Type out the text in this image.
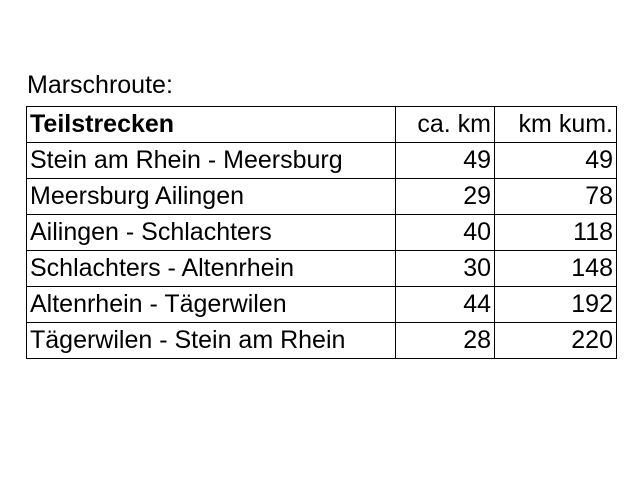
Marschroute:
Teilstrecken	ca. km	km kum.
Stein am Rhein - Meersburg	49	49
Meersburg Ailingen	29	78
Ailingen - Schlachters	40	118
Schlachters - Altenrhein	30	148
Altenrhein - Tägerwilen	44	192
Tägerwilen - Stein am Rhein	28	220
